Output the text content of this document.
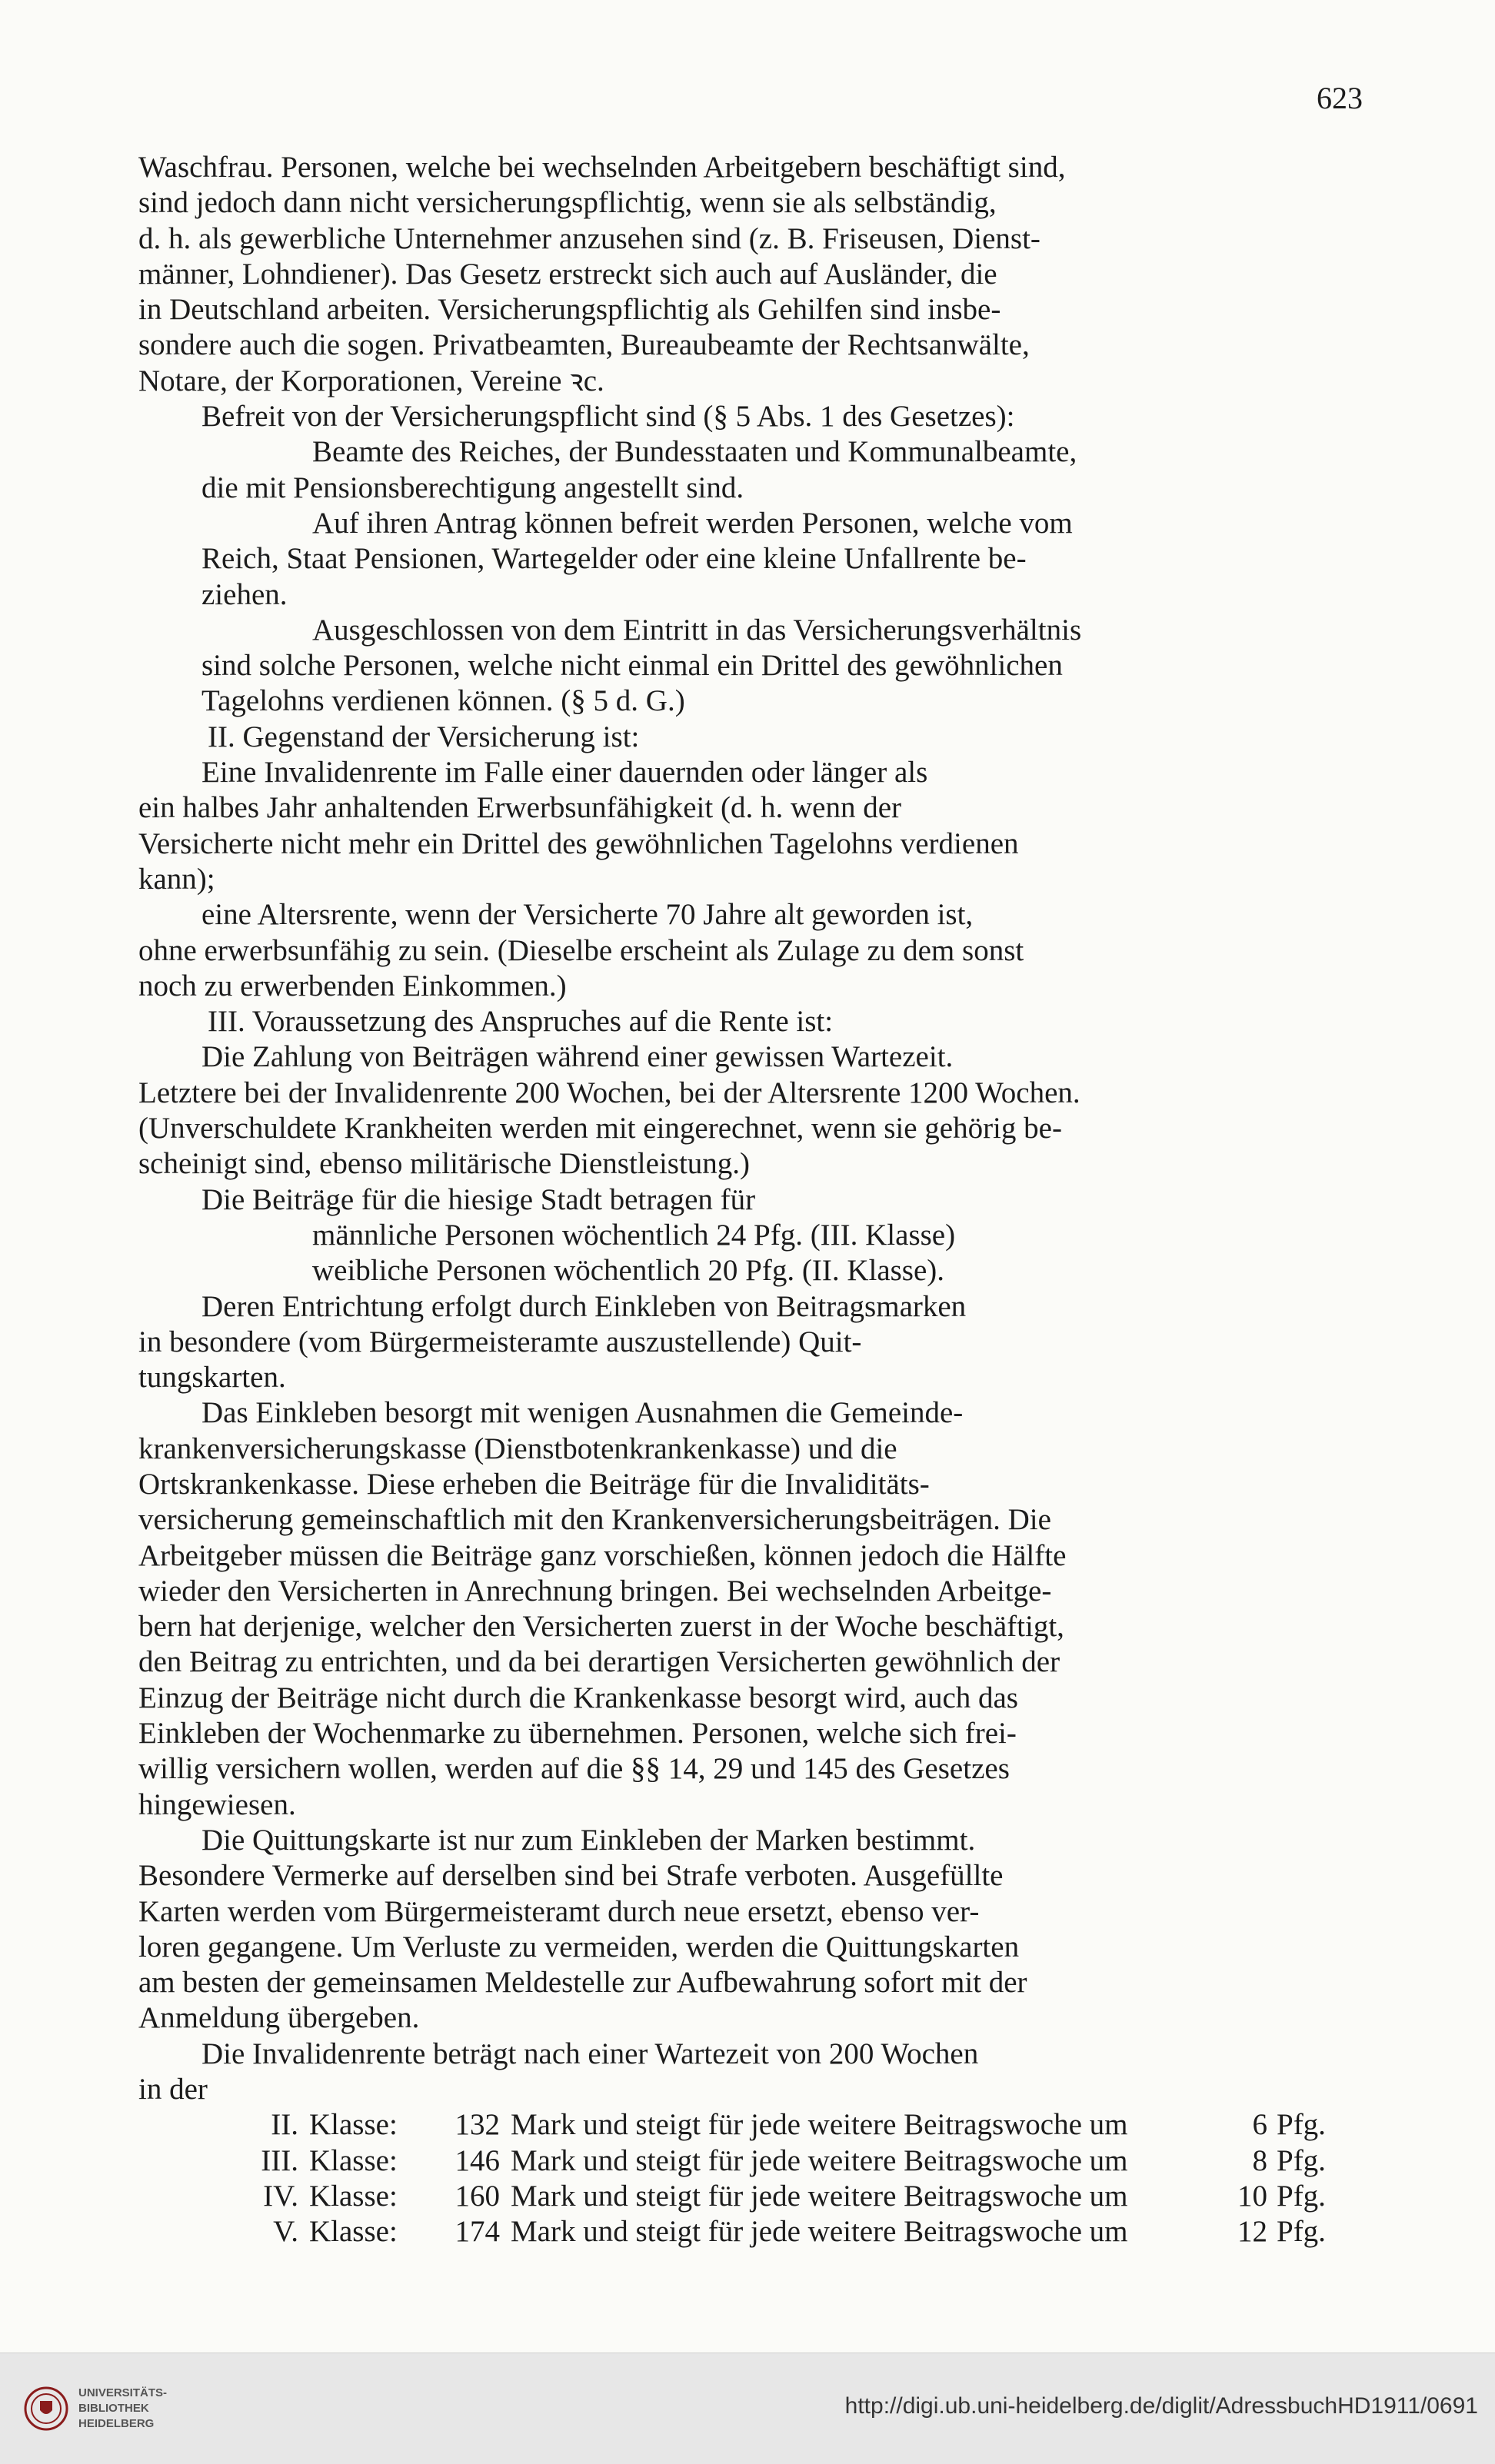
623
Waschfrau. Personen, welche bei wechselnden Arbeitgebern beschäftigt sind,
sind jedoch dann nicht versicherungspflichtig, wenn sie als selbständig,
d. h. als gewerbliche Unternehmer anzusehen sind (z. B. Friseusen, Dienst-
männer, Lohndiener). Das Gesetz erstreckt sich auch auf Ausländer, die
in Deutschland arbeiten. Versicherungspflichtig als Gehilfen sind insbe-
sondere auch die sogen. Privatbeamten, Bureaubeamte der Rechtsanwälte,
Notare, der Korporationen, Vereine ꝛc.
Befreit von der Versicherungspflicht sind (§ 5 Abs. 1 des Gesetzes):
Beamte des Reiches, der Bundesstaaten und Kommunalbeamte,
die mit Pensionsberechtigung angestellt sind.
Auf ihren Antrag können befreit werden Personen, welche vom
Reich, Staat Pensionen, Wartegelder oder eine kleine Unfallrente be-
ziehen.
Ausgeschlossen von dem Eintritt in das Versicherungsverhältnis
sind solche Personen, welche nicht einmal ein Drittel des gewöhnlichen
Tagelohns verdienen können. (§ 5 d. G.)
II. Gegenstand der Versicherung ist:
Eine Invalidenrente im Falle einer dauernden oder länger als
ein halbes Jahr anhaltenden Erwerbsunfähigkeit (d. h. wenn der
Versicherte nicht mehr ein Drittel des gewöhnlichen Tagelohns verdienen
kann);
eine Altersrente, wenn der Versicherte 70 Jahre alt geworden ist,
ohne erwerbsunfähig zu sein. (Dieselbe erscheint als Zulage zu dem sonst
noch zu erwerbenden Einkommen.)
III. Voraussetzung des Anspruches auf die Rente ist:
Die Zahlung von Beiträgen während einer gewissen Wartezeit.
Letztere bei der Invalidenrente 200 Wochen, bei der Altersrente 1200 Wochen.
(Unverschuldete Krankheiten werden mit eingerechnet, wenn sie gehörig be-
scheinigt sind, ebenso militärische Dienstleistung.)
Die Beiträge für die hiesige Stadt betragen für
männliche Personen wöchentlich 24 Pfg. (III. Klasse)
weibliche Personen wöchentlich 20 Pfg. (II. Klasse).
Deren Entrichtung erfolgt durch Einkleben von Beitragsmarken
in besondere (vom Bürgermeisteramte auszustellende) Quit-
tungskarten.
Das Einkleben besorgt mit wenigen Ausnahmen die Gemeinde-
krankenversicherungskasse (Dienstbotenkrankenkasse) und die
Ortskrankenkasse. Diese erheben die Beiträge für die Invaliditäts-
versicherung gemeinschaftlich mit den Krankenversicherungsbeiträgen. Die
Arbeitgeber müssen die Beiträge ganz vorschießen, können jedoch die Hälfte
wieder den Versicherten in Anrechnung bringen. Bei wechselnden Arbeitge-
bern hat derjenige, welcher den Versicherten zuerst in der Woche beschäftigt,
den Beitrag zu entrichten, und da bei derartigen Versicherten gewöhnlich der
Einzug der Beiträge nicht durch die Krankenkasse besorgt wird, auch das
Einkleben der Wochenmarke zu übernehmen. Personen, welche sich frei-
willig versichern wollen, werden auf die §§ 14, 29 und 145 des Gesetzes
hingewiesen.
Die Quittungskarte ist nur zum Einkleben der Marken bestimmt.
Besondere Vermerke auf derselben sind bei Strafe verboten. Ausgefüllte
Karten werden vom Bürgermeisteramt durch neue ersetzt, ebenso ver-
loren gegangene. Um Verluste zu vermeiden, werden die Quittungskarten
am besten der gemeinsamen Meldestelle zur Aufbewahrung sofort mit der
Anmeldung übergeben.
Die Invalidenrente beträgt nach einer Wartezeit von 200 Wochen
in der
II. Klasse:	132 Mark und steigt für jede weitere Beitragswoche um	6 Pfg.
III. Klasse:	146 Mark und steigt für jede weitere Beitragswoche um	8 Pfg.
IV. Klasse:	160 Mark und steigt für jede weitere Beitragswoche um	10 Pfg.
V. Klasse:	174 Mark und steigt für jede weitere Beitragswoche um	12 Pfg.
UNIVERSITÄTS-
BIBLIOTHEK
HEIDELBERG
http://digi.ub.uni-heidelberg.de/diglit/AdressbuchHD1911/0691
